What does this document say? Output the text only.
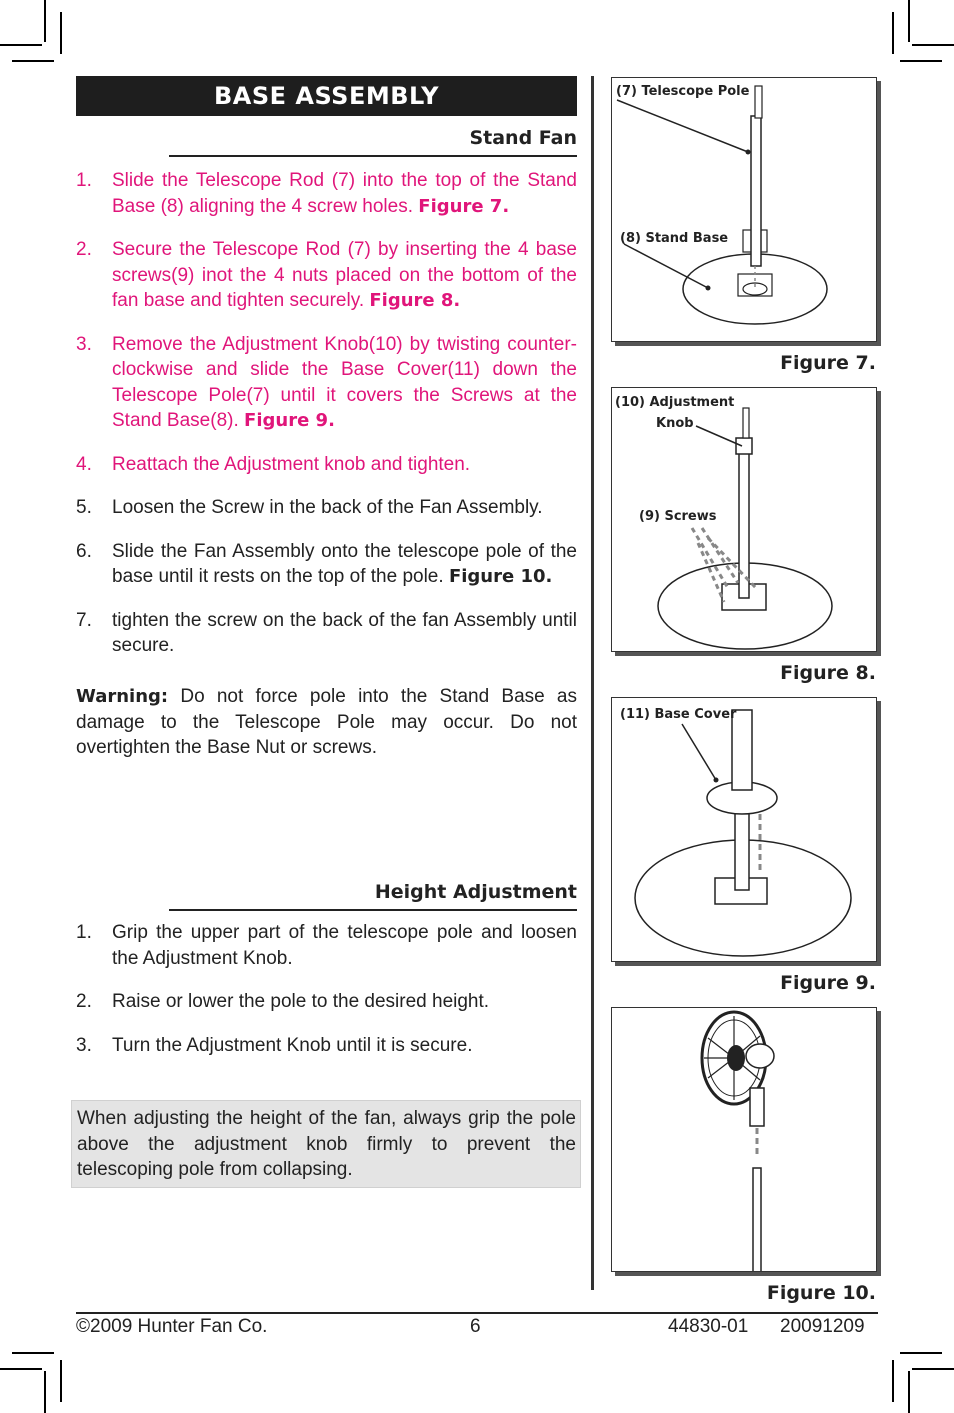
BASE ASSEMBLY
Stand Fan
1. Slide the Telescope Rod (7) into the top of the Stand Base (8) aligning the 4 screw holes. Figure 7.
2. Secure the Telescope Rod (7) by inserting the 4 base screws(9) inot the 4 nuts placed on the bottom of the fan base and tighten securely. Figure 8.
3. Remove the Adjustment Knob(10) by twisting counter-clockwise and slide the Base Cover(11) down the Telescope Pole(7) until it covers the Screws at the Stand Base(8). Figure 9.
4. Reattach the Adjustment knob and tighten.
5. Loosen the Screw in the back of the Fan Assembly.
6. Slide the Fan Assembly onto the telescope pole of the base until it rests on the top of the pole. Figure 10.
7. tighten the screw on the back of the fan Assembly until secure.
Warning: Do not force pole into the Stand Base as damage to the Telescope Pole may occur. Do not overtighten the Base Nut or screws.
Height Adjustment
1. Grip the upper part of the telescope pole and loosen the Adjustment Knob.
2. Raise or lower the pole to the desired height.
3. Turn the Adjustment Knob until it is secure.
When adjusting the height of the fan, always grip the pole above the adjustment knob firmly to prevent the telescoping pole from collapsing.
(7) Telescope Pole
(8) Stand Base
Figure 7.
(10) Adjustment
Knob
(9) Screws
Figure 8.
(11) Base Cover
Figure 9.
Figure 10.
©2009 Hunter Fan Co.	6	44830-01 20091209
